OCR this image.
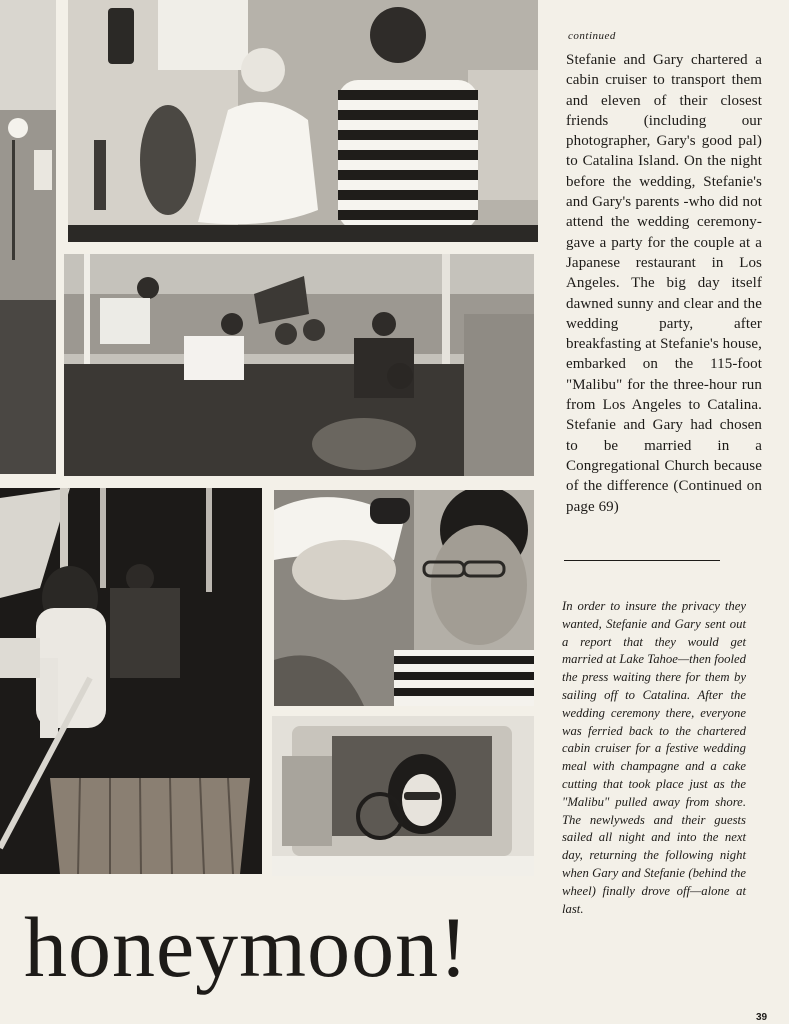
continued

Stefanie and Gary chartered a cabin cruiser to transport them and eleven of their closest friends (including our photographer, Gary's good pal) to Catalina Island. On the night before the wedding, Stefanie's and Gary's parents -who did not attend the wedding ceremony-gave a party for the couple at a Japanese restaurant in Los Angeles. The big day itself dawned sunny and clear and the wedding party, after breakfasting at Stefanie's house, embarked on the 115-foot "Malibu" for the three-hour run from Los Angeles to Catalina. Stefanie and Gary had chosen to be married in a Congregational Church because of the difference (Continued on page 69)

In order to insure the privacy they wanted, Stefanie and Gary sent out a report that they would get married at Lake Tahoe—then fooled the press waiting there for them by sailing off to Catalina. After the wedding ceremony there, everyone was ferried back to the chartered cabin cruiser for a festive wedding meal with champagne and a cake cutting that took place just as the "Malibu" pulled away from shore. The newlyweds and their guests sailed all night and into the next day, returning the following night when Gary and Stefanie (behind the wheel) finally drove off—alone at last.

honeymoon!
39
